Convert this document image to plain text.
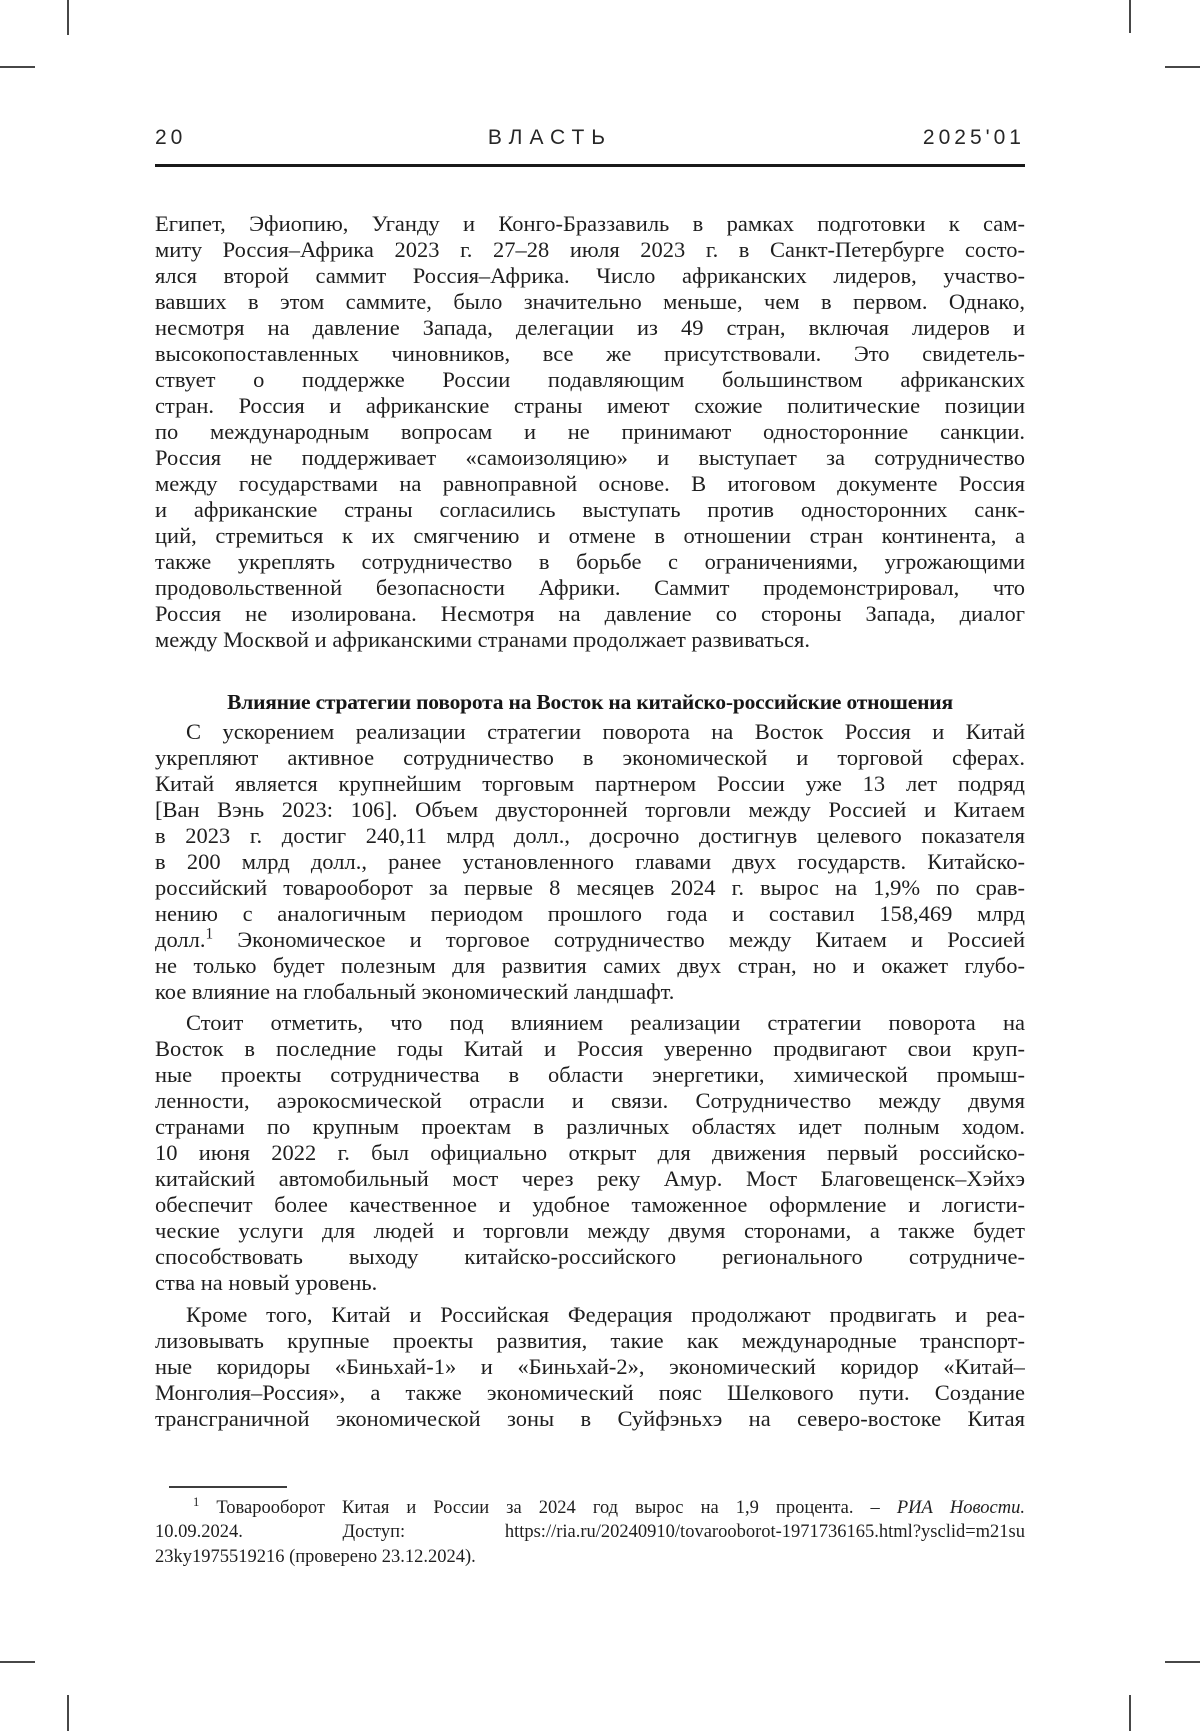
20	ВЛАСТЬ	2025'01
Египет, Эфиопию, Уганду и Конго-Браззавиль в рамках подготовки к сам-
миту Россия–Африка 2023 г. 27–28 июля 2023 г. в Санкт-Петербурге состо-
ялся второй саммит Россия–Африка. Число африканских лидеров, участво-
вавших в этом саммите, было значительно меньше, чем в первом. Однако,
несмотря на давление Запада, делегации из 49 стран, включая лидеров и
высокопоставленных чиновников, все же присутствовали. Это свидетель-
ствует о поддержке России подавляющим большинством африканских
стран. Россия и африканские страны имеют схожие политические позиции
по международным вопросам и не принимают односторонние санкции.
Россия не поддерживает «самоизоляцию» и выступает за сотрудничество
между государствами на равноправной основе. В итоговом документе Россия
и африканские страны согласились выступать против односторонних санк-
ций, стремиться к их смягчению и отмене в отношении стран континента, а
также укреплять сотрудничество в борьбе с ограничениями, угрожающими
продовольственной безопасности Африки. Саммит продемонстрировал, что
Россия не изолирована. Несмотря на давление со стороны Запада, диалог
между Москвой и африканскими странами продолжает развиваться.
Влияние стратегии поворота на Восток на китайско-российские отношения
С ускорением реализации стратегии поворота на Восток Россия и Китай
укрепляют активное сотрудничество в экономической и торговой сферах.
Китай является крупнейшим торговым партнером России уже 13 лет подряд
[Ван Вэнь 2023: 106]. Объем двусторонней торговли между Россией и Китаем
в 2023 г. достиг 240,11 млрд долл., досрочно достигнув целевого показателя
в 200 млрд долл., ранее установленного главами двух государств. Китайско-
российский товарооборот за первые 8 месяцев 2024 г. вырос на 1,9% по срав-
нению с аналогичным периодом прошлого года и составил 158,469 млрд
долл.$^1$ Экономическое и торговое сотрудничество между Китаем и Россией
не только будет полезным для развития самих двух стран, но и окажет глубо-
кое влияние на глобальный экономический ландшафт.
Стоит отметить, что под влиянием реализации стратегии поворота на
Восток в последние годы Китай и Россия уверенно продвигают свои круп-
ные проекты сотрудничества в области энергетики, химической промыш-
ленности, аэрокосмической отрасли и связи. Сотрудничество между двумя
странами по крупным проектам в различных областях идет полным ходом.
10 июня 2022 г. был официально открыт для движения первый российско-
китайский автомобильный мост через реку Амур. Мост Благовещенск–Хэйхэ
обеспечит более качественное и удобное таможенное оформление и логисти-
ческие услуги для людей и торговли между двумя сторонами, а также будет
способствовать выходу китайско-российского регионального сотрудниче-
ства на новый уровень.
Кроме того, Китай и Российская Федерация продолжают продвигать и реа-
лизовывать крупные проекты развития, такие как международные транспорт-
ные коридоры «Биньхай-1» и «Биньхай-2», экономический коридор «Китай–
Монголия–Россия», а также экономический пояс Шелкового пути. Создание
трансграничной экономической зоны в Суйфэньхэ на северо-востоке Китая
$^1$ Товарооборот Китая и России за 2024 год вырос на 1,9 процента. – РИА Новости.
10.09.2024. Доступ: https://ria.ru/20240910/tovarooborot-1971736165.html?ysclid=m21su
23ky1975519216 (проверено 23.12.2024).
